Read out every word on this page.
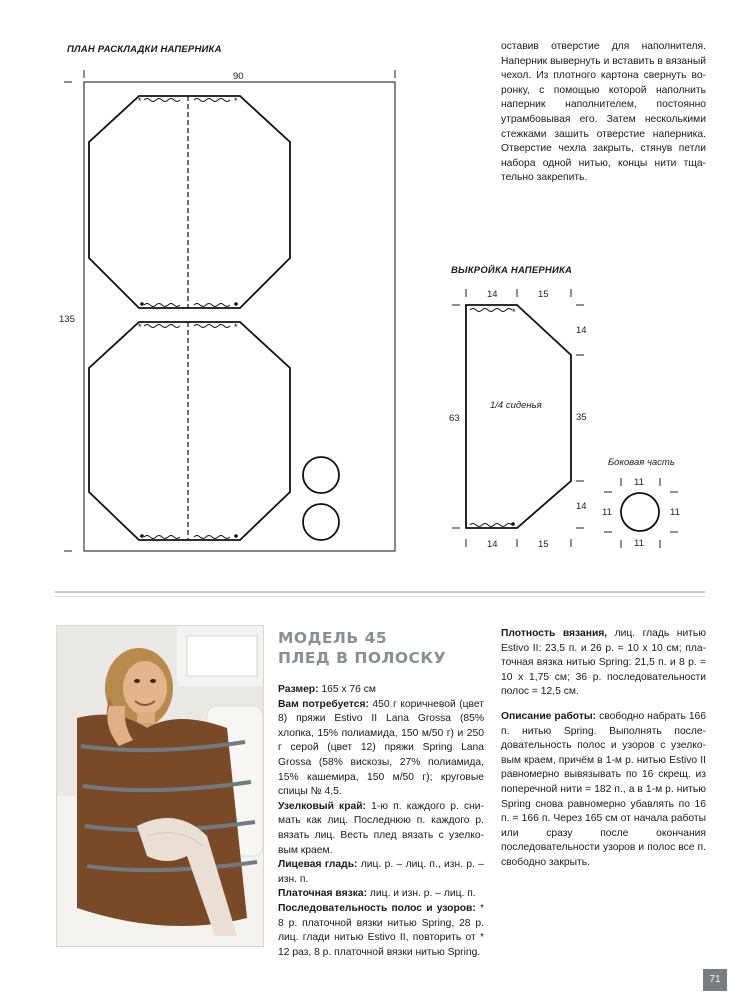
ПЛАН РАСКЛАДКИ НАПЕРНИКА
*	*
*	*
90
135
оставив отверстие для наполнителя. Наперник вывернуть и вставить в вязаный чехол. Из плотного картона свернуть воронку, с помощью которой наполнить наперник наполнителем, постоянно утрамбовывая его. Затем несколькими стежками зашить отверстие наперника. Отверстие чехла закрыть, стянув петли набора одной нитью, концы нити тщательно закрепить.
ВЫКРОЙКА НАПЕРНИКА
*
14	15
14
63	35
14
14	15
1/4 сиденья
Боковая часть
11
11	11
11
МОДЕЛЬ 45
ПЛЕД В ПОЛОСКУ

Размер: 165 х 76 см

Вам потребуется: 450 г коричневой (цвет 8) пряжи Estivo II Lana Grossa (85% хлопка, 15% полиамида, 150 м/50 г) и 250 г серой (цвет 12) пряжи Spring Lana Grossa (58% вискозы, 27% полиамида, 15% кашемира, 150 м/50 г); круговые спицы № 4,5.

Узелковый край: 1-ю п. каждого р. снимать как лиц. Последнюю п. каждого р. вязать лиц. Весть плед вязать с узелковым краем.

Лицевая гладь: лиц. р. – лиц. п., изн. р. – изн. п.

Платочная вязка: лиц. и изн. р. – лиц. п.

Последовательность полос и узоров: * 8 р. платочной вязки нитью Spring, 28 р. лиц. глади нитью Estivo II, повторить от * 12 раз, 8 р. платочной вязки нитью Spring.

Плотность вязания, лиц. гладь нитью Estivo II: 23,5 п. и 26 р. = 10 х 10 см; платочная вязка нитью Spring: 21,5 п. и 8 р. = 10 х 1,75 см; 36 р. последовательности полос = 12,5 см.

Описание работы: свободно набрать 166 п. нитью Spring. Выполнять последовательность полос и узоров с узелковым краем, причём в 1-м р. нитью Estivo II равномерно вывязывать по 16 скрещ. из поперечной нити = 182 п., а в 1-м р. нитью Spring снова равномерно убавлять по 16 п. = 166 п. Через 165 см от начала работы или сразу после окончания последовательности узоров и полос все п. свободно закрыть.

71
